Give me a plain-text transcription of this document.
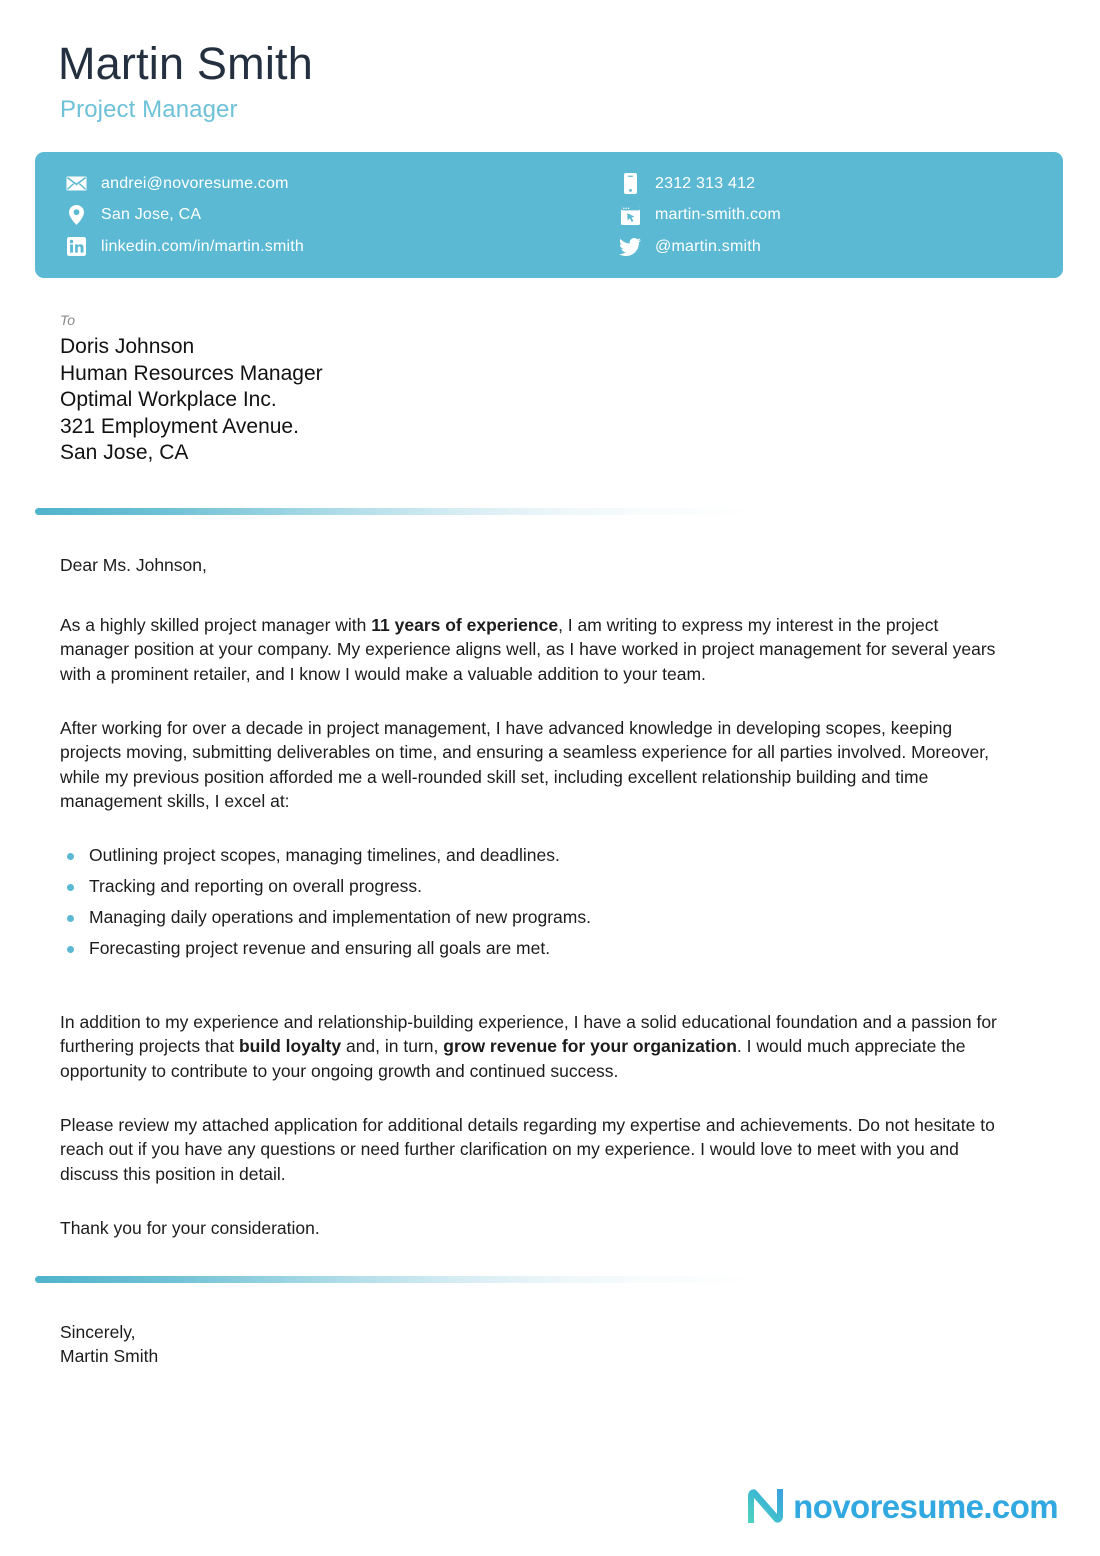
Martin Smith
Project Manager
andrei@novoresume.com
San Jose, CA
linkedin.com/in/martin.smith
2312 313 412
martin-smith.com
@martin.smith
To
Doris Johnson
Human Resources Manager
Optimal Workplace Inc.
321 Employment Avenue.
San Jose, CA
Dear Ms. Johnson,
As a highly skilled project manager with 11 years of experience, I am writing to express my interest in the project manager position at your company. My experience aligns well, as I have worked in project management for several years with a prominent retailer, and I know I would make a valuable addition to your team.
After working for over a decade in project management, I have advanced knowledge in developing scopes, keeping projects moving, submitting deliverables on time, and ensuring a seamless experience for all parties involved. Moreover, while my previous position afforded me a well-rounded skill set, including excellent relationship building and time management skills, I excel at:
Outlining project scopes, managing timelines, and deadlines.
Tracking and reporting on overall progress.
Managing daily operations and implementation of new programs.
Forecasting project revenue and ensuring all goals are met.
In addition to my experience and relationship-building experience, I have a solid educational foundation and a passion for furthering projects that build loyalty and, in turn, grow revenue for your organization. I would much appreciate the opportunity to contribute to your ongoing growth and continued success.
Please review my attached application for additional details regarding my expertise and achievements. Do not hesitate to reach out if you have any questions or need further clarification on my experience. I would love to meet with you and discuss this position in detail.
Thank you for your consideration.
Sincerely,
Martin Smith
novoresume.com
